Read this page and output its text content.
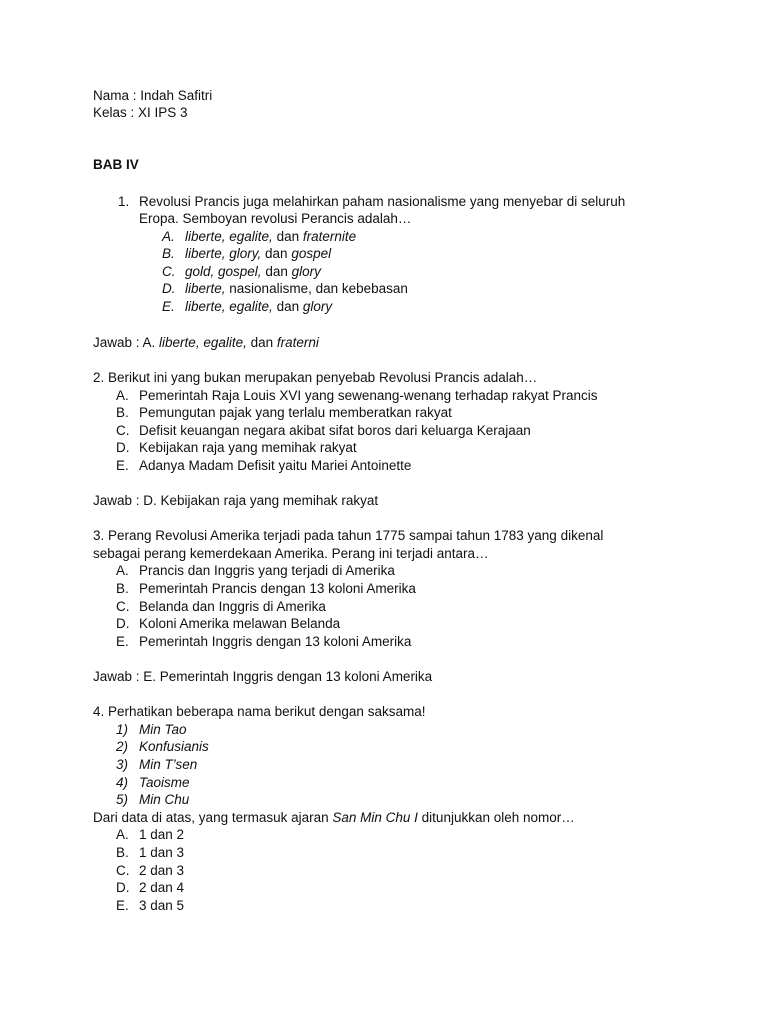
Nama : Indah Safitri
Kelas : XI IPS 3
BAB IV
1. Revolusi Prancis juga melahirkan paham nasionalisme yang menyebar di seluruh
Eropa. Semboyan revolusi Perancis adalah…
A. liberte, egalite, dan fraternite
B. liberte, glory, dan gospel
C. gold, gospel, dan glory
D. liberte, nasionalisme, dan kebebasan
E. liberte, egalite, dan glory
Jawab : A. liberte, egalite, dan fraterni
2. Berikut ini yang bukan merupakan penyebab Revolusi Prancis adalah…
A. Pemerintah Raja Louis XVI yang sewenang-wenang terhadap rakyat Prancis
B. Pemungutan pajak yang terlalu memberatkan rakyat
C. Defisit keuangan negara akibat sifat boros dari keluarga Kerajaan
D. Kebijakan raja yang memihak rakyat
E. Adanya Madam Defisit yaitu Mariei Antoinette
Jawab : D. Kebijakan raja yang memihak rakyat
3. Perang Revolusi Amerika terjadi pada tahun 1775 sampai tahun 1783 yang dikenal
sebagai perang kemerdekaan Amerika. Perang ini terjadi antara…
A. Prancis dan Inggris yang terjadi di Amerika
B. Pemerintah Prancis dengan 13 koloni Amerika
C. Belanda dan Inggris di Amerika
D. Koloni Amerika melawan Belanda
E. Pemerintah Inggris dengan 13 koloni Amerika
Jawab : E. Pemerintah Inggris dengan 13 koloni Amerika
4. Perhatikan beberapa nama berikut dengan saksama!
1) Min Tao
2) Konfusianis
3) Min T’sen
4) Taoisme
5) Min Chu
Dari data di atas, yang termasuk ajaran San Min Chu I ditunjukkan oleh nomor…
A. 1 dan 2
B. 1 dan 3
C. 2 dan 3
D. 2 dan 4
E. 3 dan 5
